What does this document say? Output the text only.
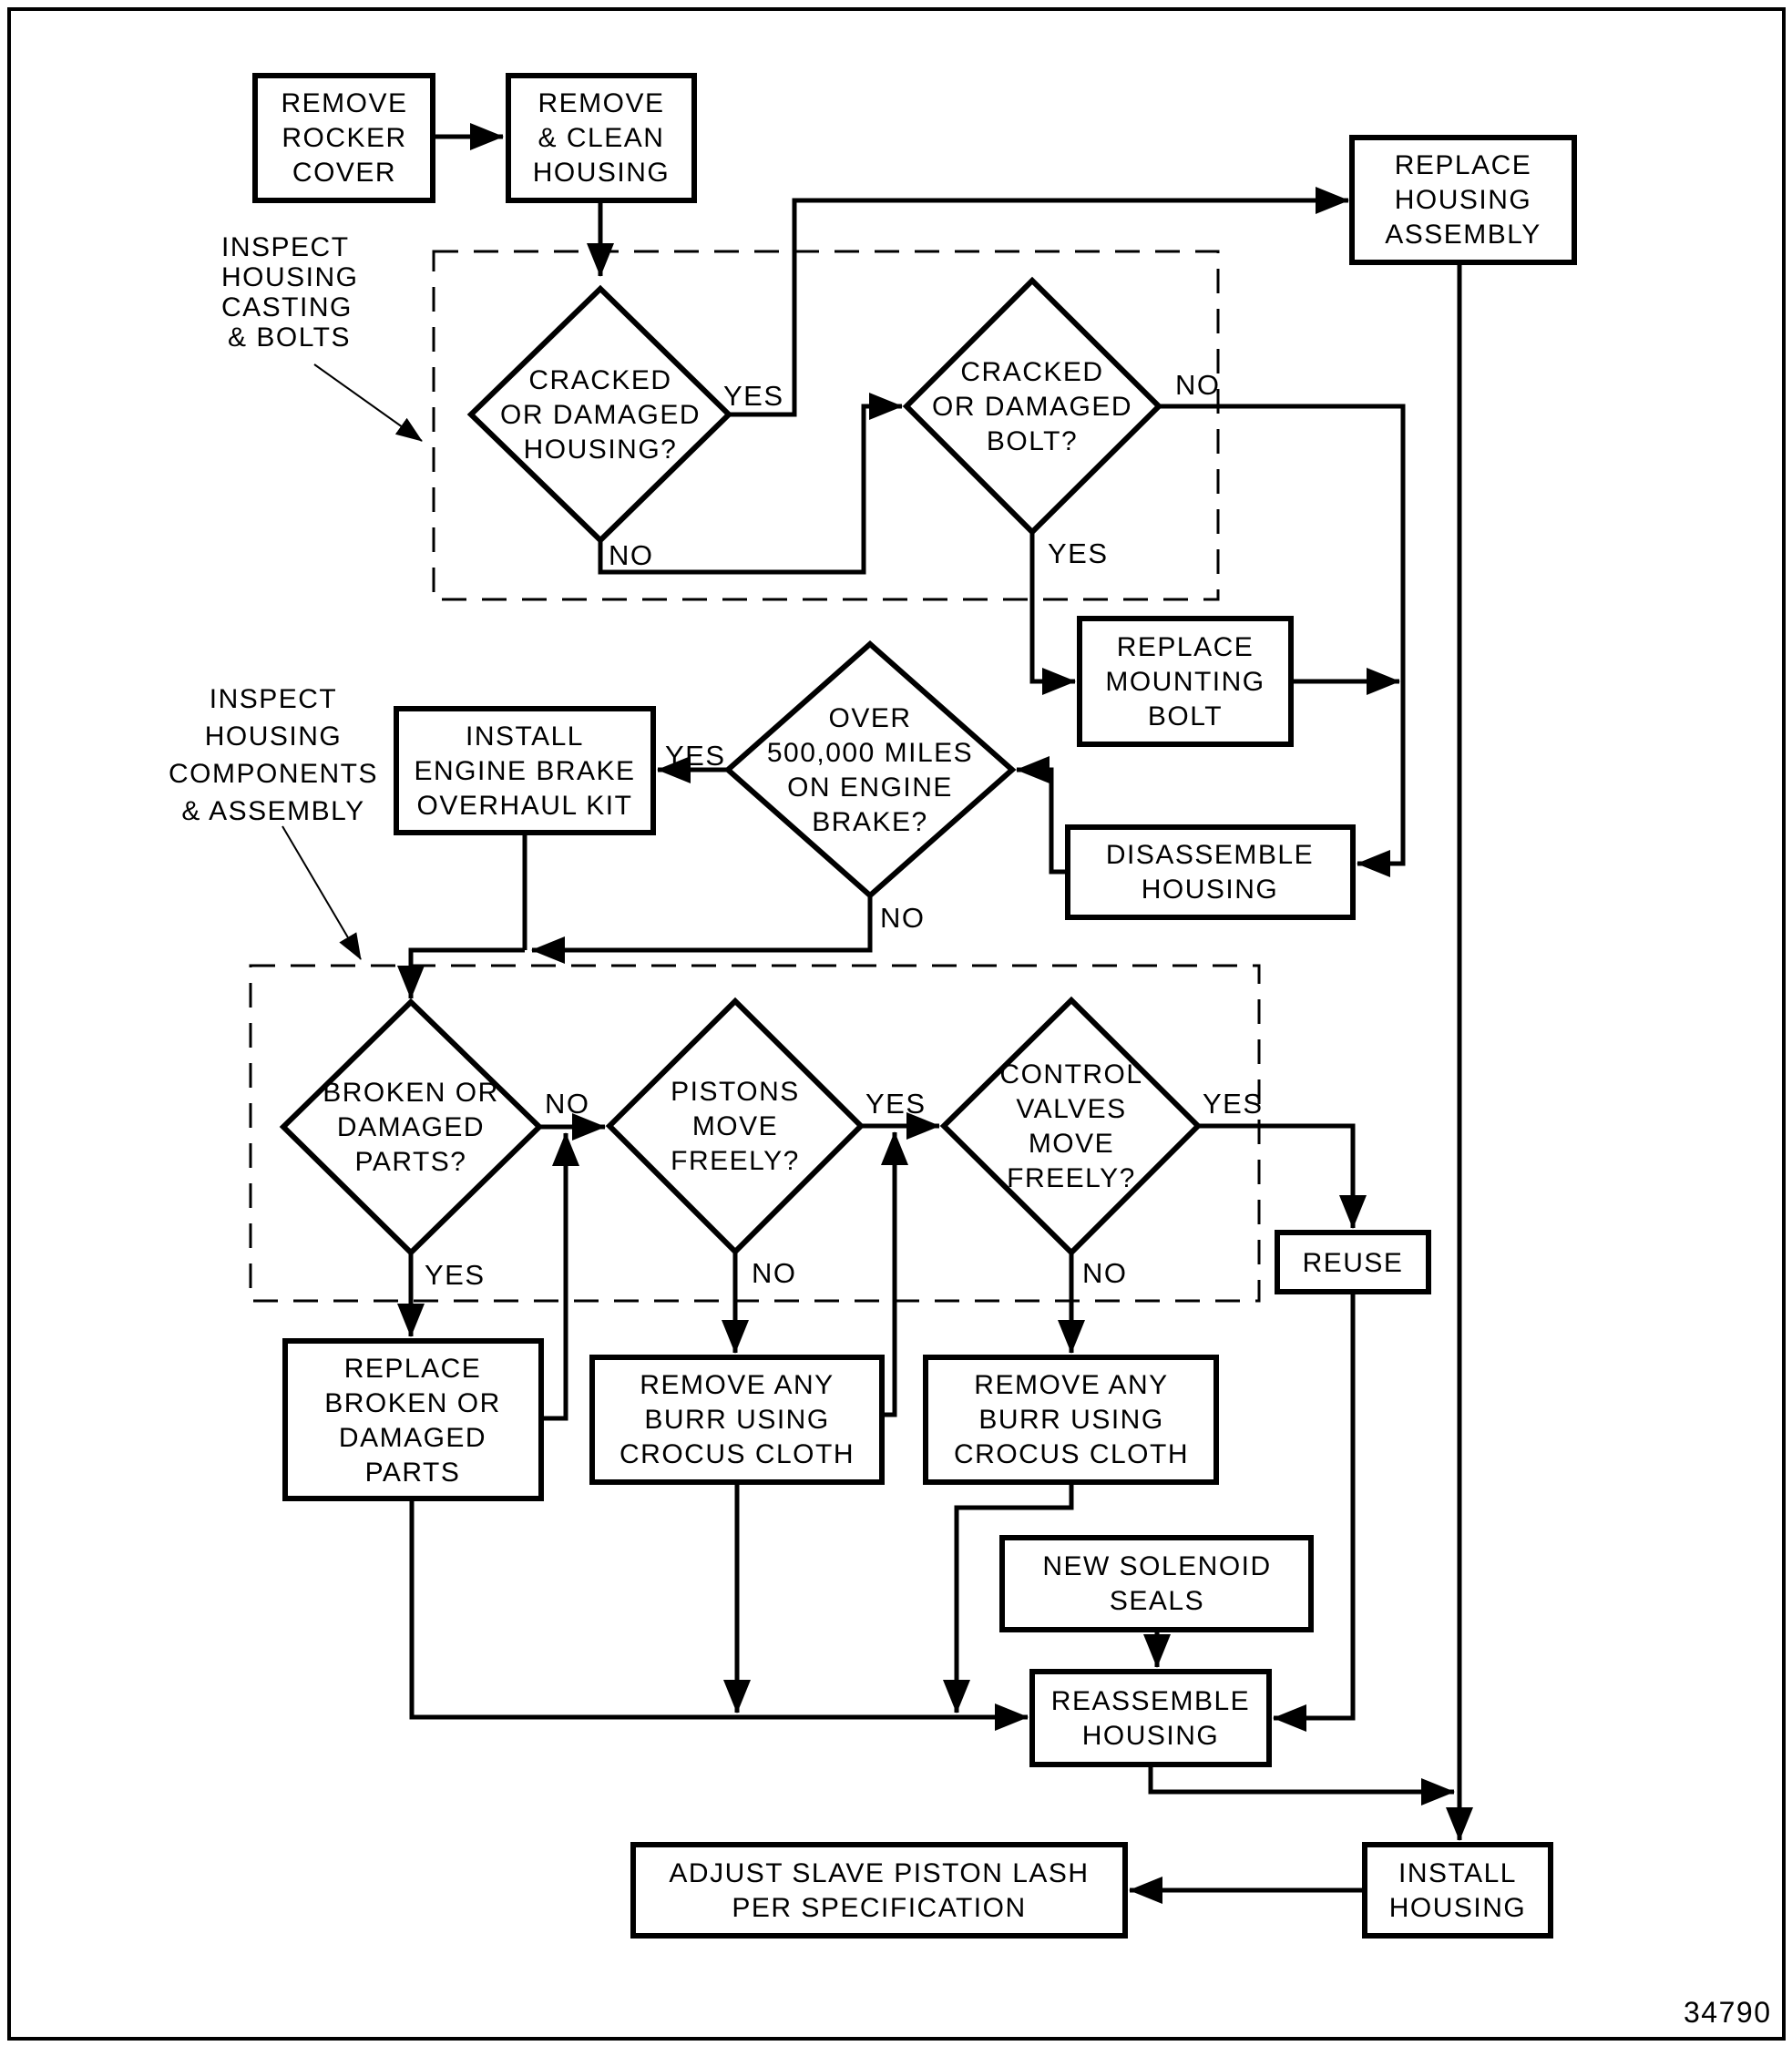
REMOVE
ROCKER
COVER
REMOVE
& CLEAN
HOUSING	REPLACE
HOUSING
ASSEMBLY
REPLACE
MOUNTING
BOLT
DISASSEMBLE
HOUSING
INSTALL
ENGINE BRAKE
OVERHAUL KIT
REUSE
REPLACE
BROKEN OR
DAMAGED
PARTS
REMOVE ANY
BURR USING
CROCUS CLOTH
REMOVE ANY
BURR USING
CROCUS CLOTH
NEW SOLENOID
SEALS
REASSEMBLE
HOUSING
INSTALL
HOUSING
ADJUST SLAVE PISTON LASH
PER SPECIFICATION
CRACKED
OR DAMAGED
HOUSING?
CRACKED
OR DAMAGED
BOLT?
OVER
500,000 MILES
ON ENGINE
BRAKE?
BROKEN OR
DAMAGED
PARTS?
PISTONS
MOVE
FREELY?
CONTROL
VALVES
MOVE
FREELY?
YES
NO
NO
YES
YES
NO
NO
YES
YES
NO
YES
NO
INSPECT
HOUSING
CASTING
& BOLTS
INSPECT
HOUSING
COMPONENTS
& ASSEMBLY
34790
